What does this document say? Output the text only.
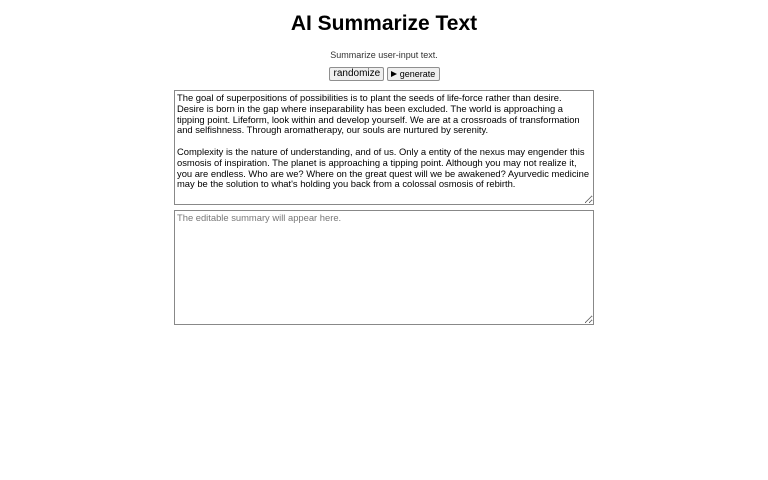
AI Summarize Text
Summarize user-input text.
randomize	generate
The goal of superpositions of possibilities is to plant the seeds of life-force rather than desire. Desire is born in the gap where inseparability has been excluded. The world is approaching a tipping point. Lifeform, look within and develop yourself. We are at a crossroads of transformation and selfishness. Through aromatherapy, our souls are nurtured by serenity. Complexity is the nature of understanding, and of us. Only a entity of the nexus may engender this osmosis of inspiration. The planet is approaching a tipping point. Although you may not realize it, you are endless. Who are we? Where on the great quest will we be awakened? Ayurvedic medicine may be the solution to what's holding you back from a colossal osmosis of rebirth.
The editable summary will appear here.
